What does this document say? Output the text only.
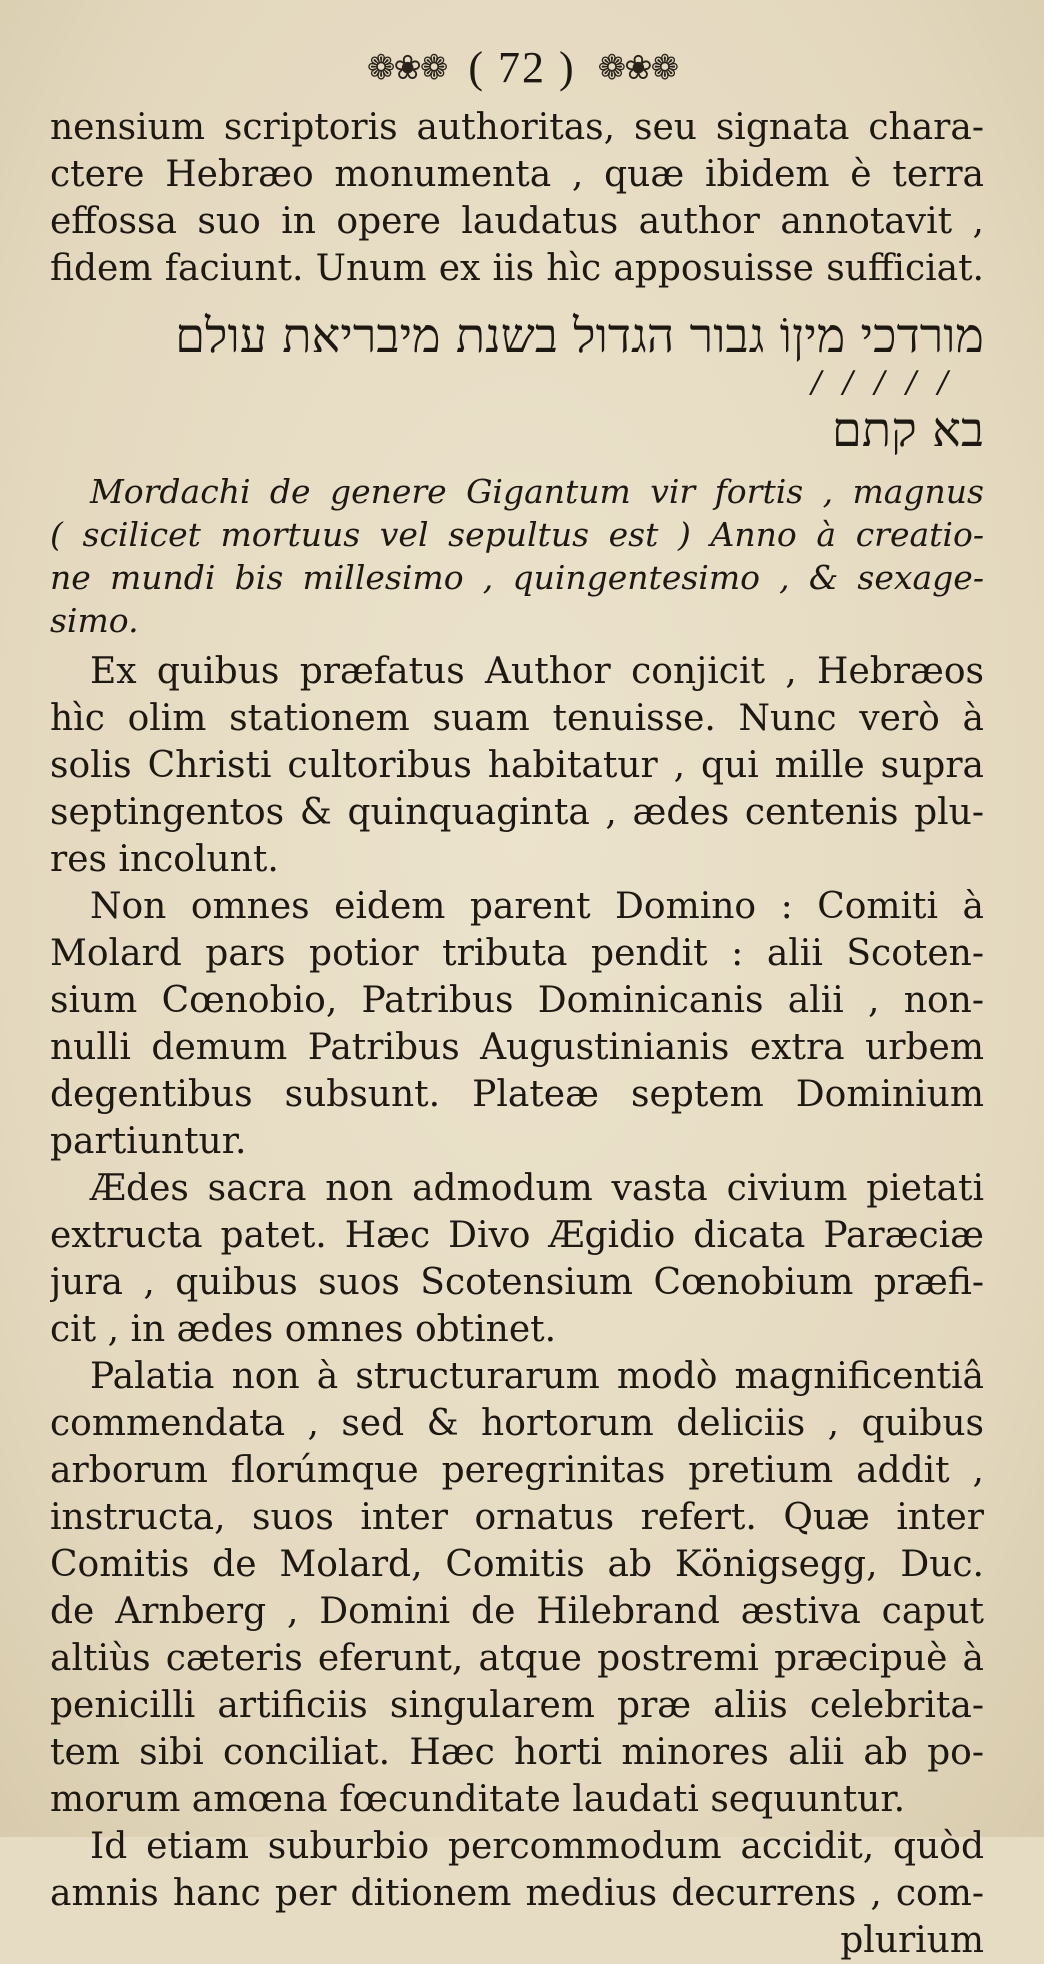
❁❀❁ ( 72 ) ❁❀❁
nensium scriptoris authoritas, seu signata chara-
ctere Hebræo monumenta , quæ ibidem è terra
effossa suo in opere laudatus author annotavit ,
fidem faciunt. Unum ex iis hìc apposuisse sufficiat.
מורדכי מיןוֹ גבור הגדול בשנת מיבריאת עולם
/ / / / /
בא קתם
Mordachi de genere Gigantum vir fortis , magnus
( scilicet mortuus vel sepultus est ) Anno à creatio-
ne mundi bis millesimo , quingentesimo , & sexage-
simo.
Ex quibus præfatus Author conjicit , Hebræos
hìc olim stationem suam tenuisse. Nunc verò à
solis Christi cultoribus habitatur , qui mille supra
septingentos & quinquaginta , ædes centenis plu-
res incolunt.
Non omnes eidem parent Domino : Comiti à
Molard pars potior tributa pendit : alii Scoten-
sium Cœnobio, Patribus Dominicanis alii , non-
nulli demum Patribus Augustinianis extra urbem
degentibus subsunt. Plateæ septem Dominium
partiuntur.
Ædes sacra non admodum vasta civium pietati
extructa patet. Hæc Divo Ægidio dicata Paræciæ
jura , quibus suos Scotensium Cœnobium præfi-
cit , in ædes omnes obtinet.
Palatia non à structurarum modò magnificentiâ
commendata , sed & hortorum deliciis , quibus
arborum florúmque peregrinitas pretium addit ,
instructa, suos inter ornatus refert. Quæ inter
Comitis de Molard, Comitis ab Königsegg, Duc.
de Arnberg , Domini de Hilebrand æstiva caput
altiùs cæteris eferunt, atque postremi præcipuè à
penicilli artificiis singularem præ aliis celebrita-
tem sibi conciliat. Hæc horti minores alii ab po-
morum amœna fœcunditate laudati sequuntur.
Id etiam suburbio percommodum accidit, quòd
amnis hanc per ditionem medius decurrens , com-
plurium
